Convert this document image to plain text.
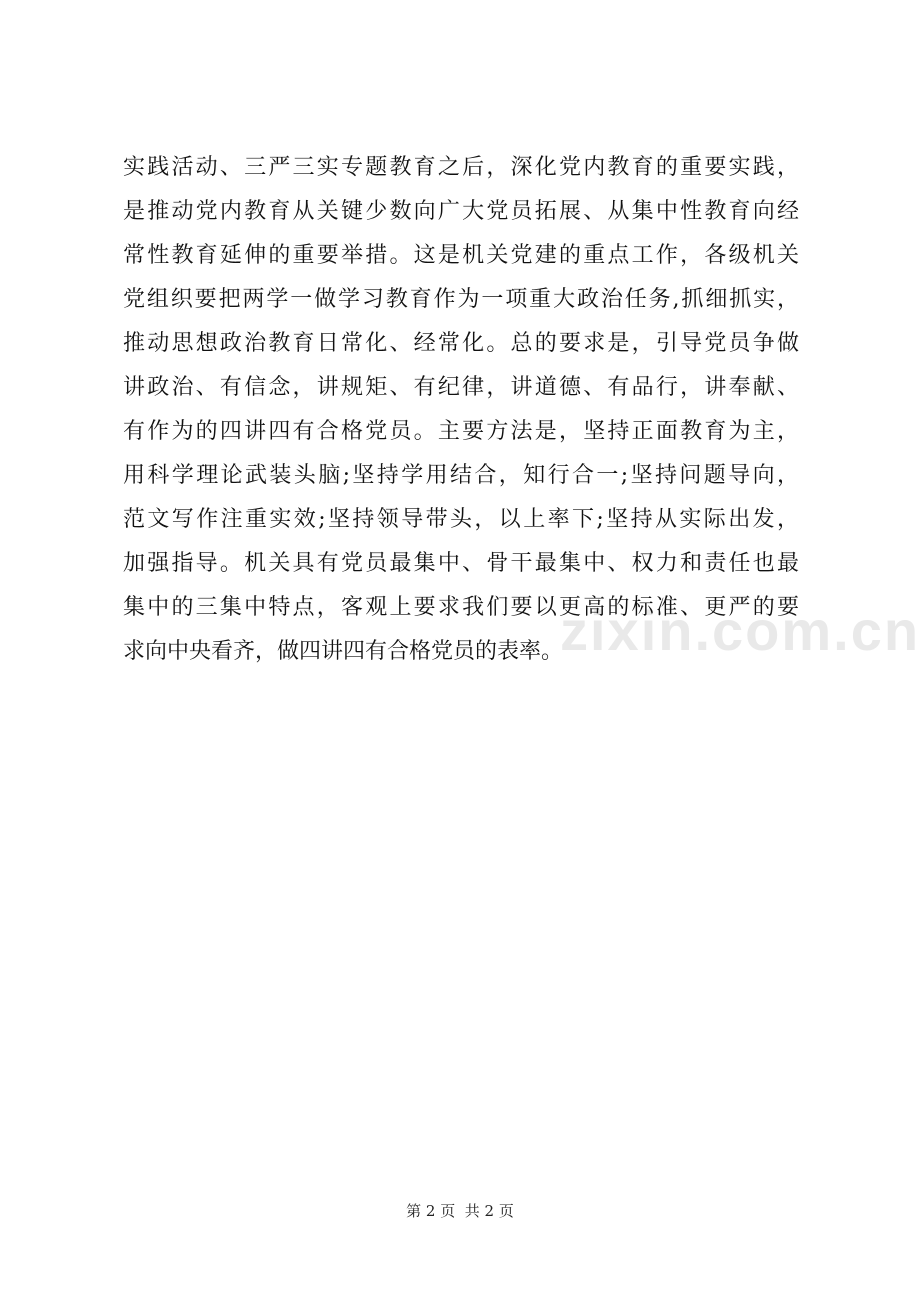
zixin.com.cn
实践活动、三严三实专题教育之后，深化党内教育的重要实践，
是推动党内教育从关键少数向广大党员拓展、从集中性教育向经
常性教育延伸的重要举措。这是机关党建的重点工作，各级机关
党组织要把两学一做学习教育作为一项重大政治任务,抓细抓实，
推动思想政治教育日常化、经常化。总的要求是，引导党员争做
讲政治、有信念，讲规矩、有纪律，讲道德、有品行，讲奉献、
有作为的四讲四有合格党员。主要方法是，坚持正面教育为主，
用科学理论武装头脑;坚持学用结合，知行合一;坚持问题导向，
范文写作注重实效;坚持领导带头，以上率下;坚持从实际出发，
加强指导。机关具有党员最集中、骨干最集中、权力和责任也最
集中的三集中特点，客观上要求我们要以更高的标准、更严的要
求向中央看齐，做四讲四有合格党员的表率。
第 2 页  共 2 页
